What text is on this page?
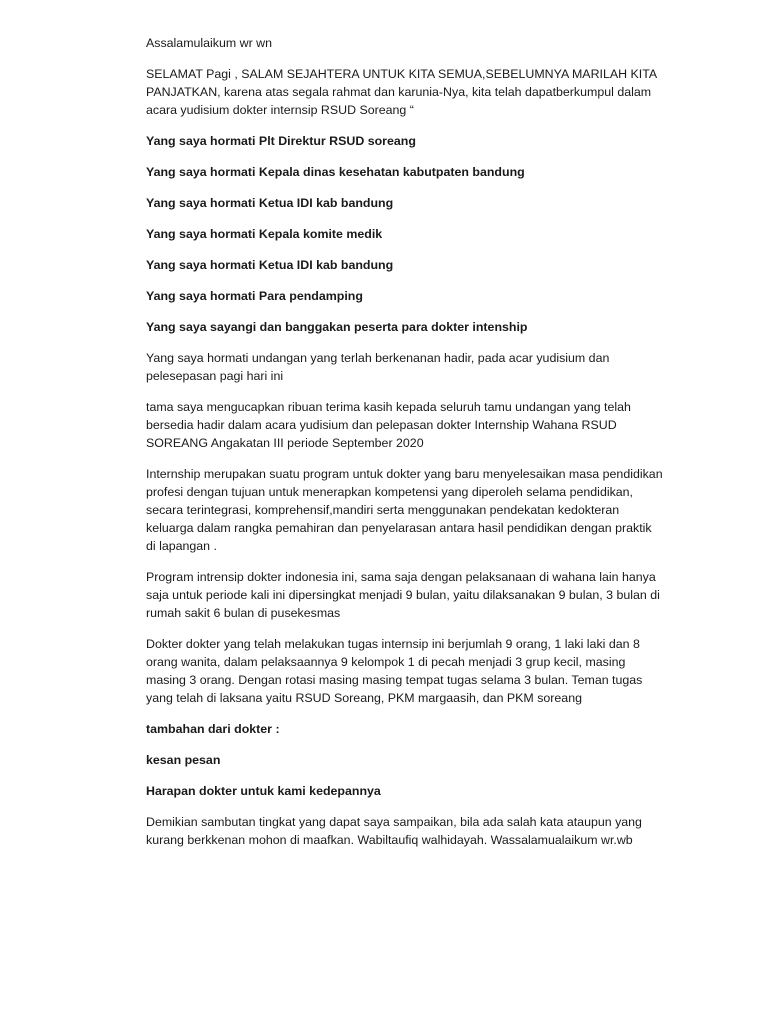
Assalamulaikum wr wn

SELAMAT Pagi , SALAM SEJAHTERA UNTUK KITA SEMUA,SEBELUMNYA MARILAH KITA PANJATKAN, karena atas segala rahmat dan karunia-Nya, kita telah dapatberkumpul dalam acara yudisium dokter internsip RSUD Soreang “

Yang saya hormati Plt Direktur RSUD soreang

Yang saya hormati Kepala dinas kesehatan kabutpaten bandung

Yang saya hormati Ketua IDI kab bandung

Yang saya hormati Kepala komite medik

Yang saya hormati Ketua IDI kab bandung

Yang saya hormati Para pendamping

Yang saya sayangi dan banggakan peserta para dokter intenship

Yang saya hormati undangan yang terlah berkenanan hadir, pada acar yudisium dan pelesepasan pagi hari ini

tama saya mengucapkan ribuan terima kasih kepada seluruh tamu undangan yang telah bersedia hadir dalam acara yudisium dan pelepasan dokter Internship Wahana RSUD SOREANG Angakatan III periode September 2020

Internship merupakan suatu program untuk dokter yang baru menyelesaikan masa pendidikan profesi dengan tujuan untuk menerapkan kompetensi yang diperoleh selama pendidikan, secara terintegrasi, komprehensif,mandiri serta menggunakan pendekatan kedokteran keluarga dalam rangka pemahiran dan penyelarasan antara hasil pendidikan dengan praktik di lapangan .

Program intrensip dokter indonesia ini, sama saja dengan pelaksanaan di wahana lain hanya saja untuk periode kali ini dipersingkat menjadi 9 bulan, yaitu dilaksanakan 9 bulan, 3 bulan di rumah sakit 6 bulan di pusekesmas

Dokter dokter yang telah melakukan tugas internsip ini berjumlah 9 orang, 1 laki laki dan 8 orang wanita, dalam pelaksaannya 9 kelompok 1 di pecah menjadi 3 grup kecil, masing masing 3 orang. Dengan rotasi masing masing tempat tugas selama 3 bulan. Teman tugas yang telah di laksana yaitu RSUD Soreang, PKM margaasih, dan PKM soreang

tambahan dari dokter :

kesan pesan

Harapan dokter untuk kami kedepannya

Demikian sambutan tingkat yang dapat saya sampaikan, bila ada salah kata ataupun yang kurang berkkenan mohon di maafkan. Wabiltaufiq walhidayah. Wassalamualaikum wr.wb
